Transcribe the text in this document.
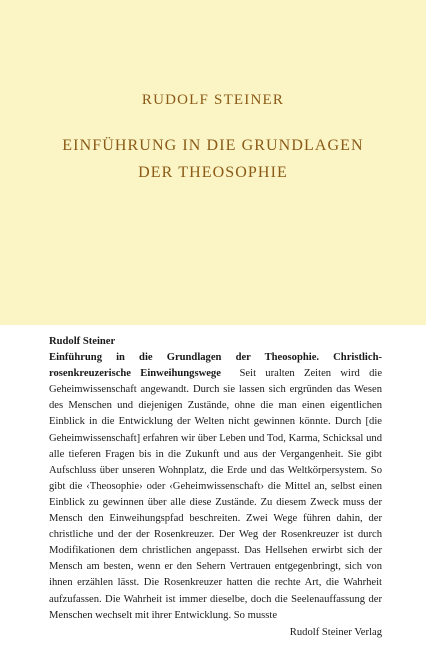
RUDOLF STEINER
EINFÜHRUNG IN DIE GRUNDLAGEN
DER THEOSOPHIE

Rudolf Steiner

Einführung in die Grundlagen der Theosophie. Christlich-rosenkreuzerische Einweihungswege Seit uralten Zeiten wird die Geheimwissenschaft angewandt. Durch sie lassen sich ergründen das Wesen des Menschen und diejenigen Zustände, ohne die man einen eigentlichen Einblick in die Entwicklung der Welten nicht gewinnen könnte. Durch [die Geheimwissenschaft] erfahren wir über Leben und Tod, Karma, Schicksal und alle tieferen Fragen bis in die Zukunft und aus der Vergangenheit. Sie gibt Aufschluss über unseren Wohnplatz, die Erde und das Weltkörpersystem. So gibt die ‹Theosophie› oder ‹Geheimwissenschaft› die Mittel an, selbst einen Einblick zu gewinnen über alle diese Zustände. Zu diesem Zweck muss der Mensch den Einweihungspfad beschreiten. Zwei Wege führen dahin, der christliche und der der Rosenkreuzer. Der Weg der Rosenkreuzer ist durch Modifikationen dem christlichen angepasst. Das Hellsehen erwirbt sich der Mensch am besten, wenn er den Sehern Vertrauen entgegenbringt, sich von ihnen erzählen lässt. Die Rosenkreuzer hatten die rechte Art, die Wahrheit aufzufassen. Die Wahrheit ist immer dieselbe, doch die Seelenauffassung der Menschen wechselt mit ihrer Entwicklung. So musste

Rudolf Steiner Verlag
